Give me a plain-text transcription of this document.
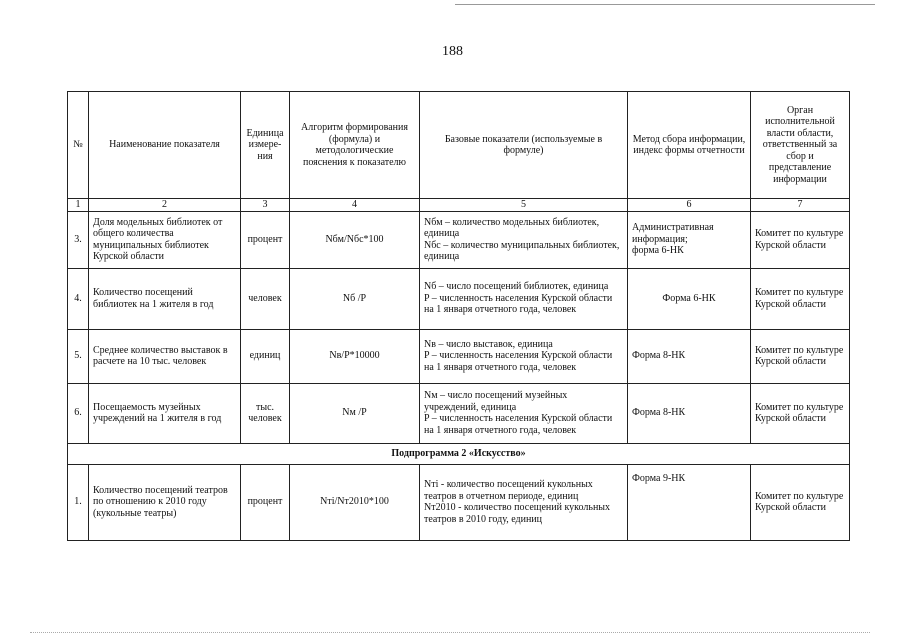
188
№	Наименование показателя	Единица измере-ния	Алгоритм формирования (формула) и методологические пояснения к показателю	Базовые показатели (используемые в формуле)	Метод сбора информации, индекс формы отчетности	Орган исполнительной власти области, ответственный за сбор и представление информации
1	2	3	4	5	6	7
3.	Доля модельных библиотек от общего количества муниципальных библиотек Курской области	процент	Nбм/Nбс*100	Nбм – количество модельных библиотек, единица
Nбс – количество муниципальных библиотек, единица	Административная информация;
форма 6-НК	Комитет по культуре Курской области
4.	Количество посещений библиотек на 1 жителя в год	человек	Nб /P	Nб – число посещений библиотек, единица
P – численность населения Курской области на 1 января отчетного года, человек	Форма 6-НК	Комитет по культуре Курской области
5.	Среднее количество выставок в расчете на 10 тыс. человек	единиц	Nв/P*10000	Nв – число выставок, единица
P – численность населения Курской области на 1 января отчетного года, человек	Форма 8-НК	Комитет по культуре Курской области
6.	Посещаемость музейных учреждений на 1 жителя в год	тыс. человек	Nм /P	Nм – число посещений музейных учреждений, единица
P – численность населения Курской области на 1 января отчетного года, человек	Форма 8-НК	Комитет по культуре Курской области
Подпрограмма 2 «Искусство»						
1.	Количество посещений театров по отношению к 2010 году (кукольные театры)	процент	Nтi/Nт2010*100	Nтi - количество посещений кукольных театров в отчетном периоде, единиц
Nт2010 - количество посещений кукольных театров в 2010 году, единиц	Форма 9-НК	Комитет по культуре Курской области
